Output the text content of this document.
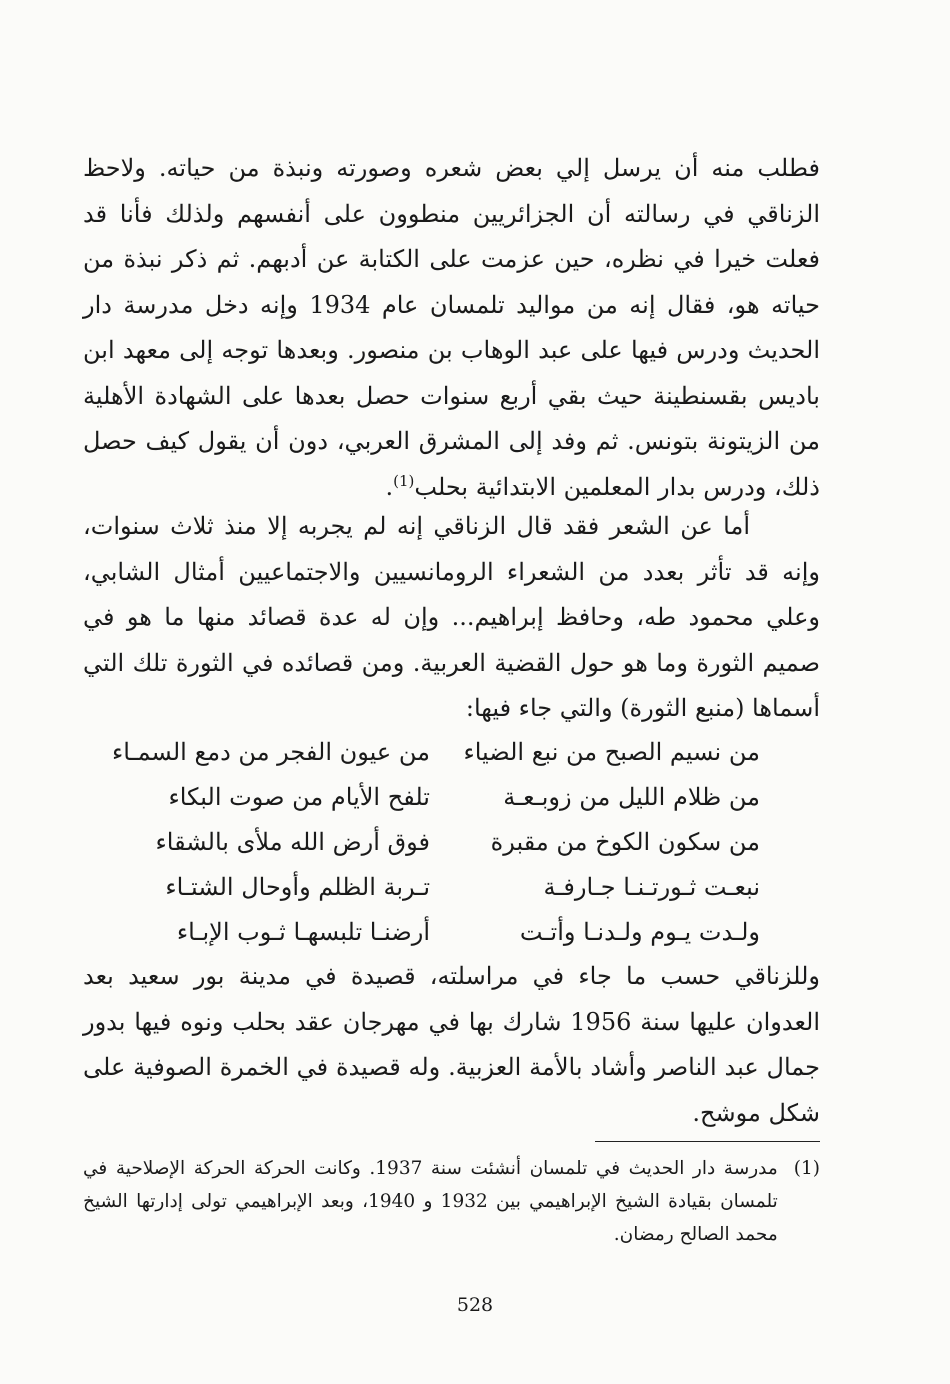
فطلب منه أن يرسل إلي بعض شعره وصورته ونبذة من حياته. ولاحظ الزناقي في رسالته أن الجزائريين منطوون على أنفسهم ولذلك فأنا قد فعلت خيرا في نظره، حين عزمت على الكتابة عن أدبهم. ثم ذكر نبذة من حياته هو، فقال إنه من مواليد تلمسان عام 1934 وإنه دخل مدرسة دار الحديث ودرس فيها على عبد الوهاب بن منصور. وبعدها توجه إلى معهد ابن باديس بقسنطينة حيث بقي أربع سنوات حصل بعدها على الشهادة الأهلية من الزيتونة بتونس. ثم وفد إلى المشرق العربي، دون أن يقول كيف حصل ذلك، ودرس بدار المعلمين الابتدائية بحلب$^{(1)}$.
أما عن الشعر فقد قال الزناقي إنه لم يجربه إلا منذ ثلاث سنوات، وإنه قد تأثر بعدد من الشعراء الرومانسيين والاجتماعيين أمثال الشابي، وعلي محمود طه، وحافظ إبراهيم... وإن له عدة قصائد منها ما هو في صميم الثورة وما هو حول القضية العربية. ومن قصائده في الثورة تلك التي أسماها (منبع الثورة) والتي جاء فيها:
من نسيم الصبح من نبع الضياء
من عيون الفجر من دمع السمـاء
من ظلام الليل من زوبـعـة
تلفح الأيام من صوت البكاء
من سكون الكوخ من مقبرة
فوق أرض الله ملأى بالشقاء
نبعـت ثـورتـنـا جـارفـة
تـربة الظلم وأوحال الشتـاء
ولـدت يـوم ولـدنـا وأتـت
أرضنـا تلبسهـا ثـوب الإبـاء
وللزناقي حسب ما جاء في مراسلته، قصيدة في مدينة بور سعيد بعد العدوان عليها سنة 1956 شارك بها في مهرجان عقد بحلب ونوه فيها بدور جمال عبد الناصر وأشاد بالأمة العزبية. وله قصيدة في الخمرة الصوفية على شكل موشح.
(1)
مدرسة دار الحديث في تلمسان أنشئت سنة 1937. وكانت الحركة الحركة الإصلاحية في تلمسان بقيادة الشيخ الإبراهيمي بين 1932 و 1940، وبعد الإبراهيمي تولى إدارتها الشيخ محمد الصالح رمضان.
528
